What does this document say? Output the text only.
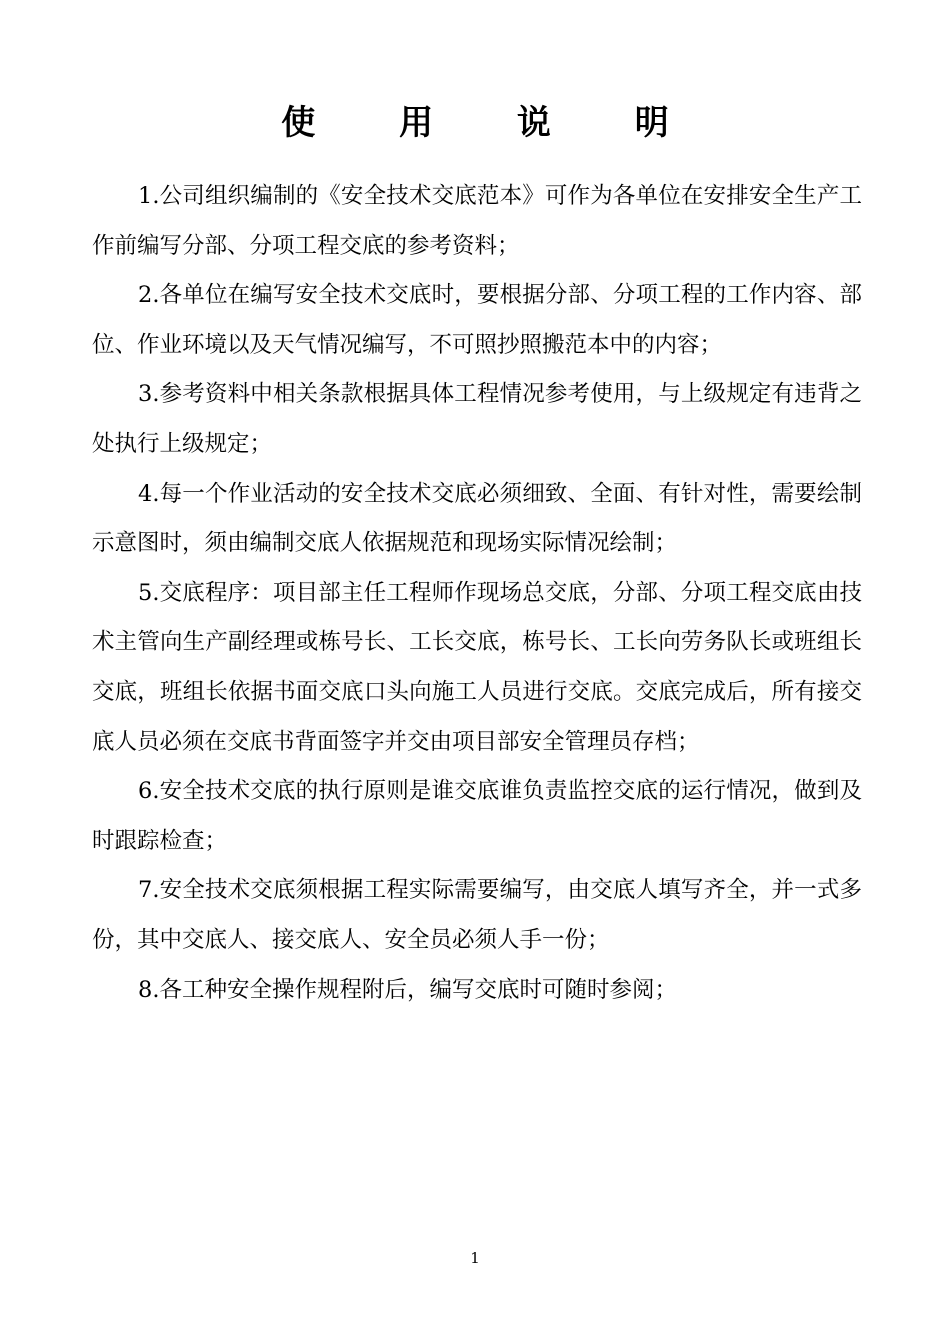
使 用 说 明

1.公司组织编制的《安全技术交底范本》可作为各单位在安排安全生产工作前编写分部、分项工程交底的参考资料；

2.各单位在编写安全技术交底时，要根据分部、分项工程的工作内容、部位、作业环境以及天气情况编写，不可照抄照搬范本中的内容；

3.参考资料中相关条款根据具体工程情况参考使用，与上级规定有违背之处执行上级规定；

4.每一个作业活动的安全技术交底必须细致、全面、有针对性，需要绘制示意图时，须由编制交底人依据规范和现场实际情况绘制；

5.交底程序：项目部主任工程师作现场总交底，分部、分项工程交底由技术主管向生产副经理或栋号长、工长交底，栋号长、工长向劳务队长或班组长交底，班组长依据书面交底口头向施工人员进行交底。交底完成后，所有接交底人员必须在交底书背面签字并交由项目部安全管理员存档；

6.安全技术交底的执行原则是谁交底谁负责监控交底的运行情况，做到及时跟踪检查；

7.安全技术交底须根据工程实际需要编写，由交底人填写齐全，并一式多份，其中交底人、接交底人、安全员必须人手一份；

8.各工种安全操作规程附后，编写交底时可随时参阅；

1
